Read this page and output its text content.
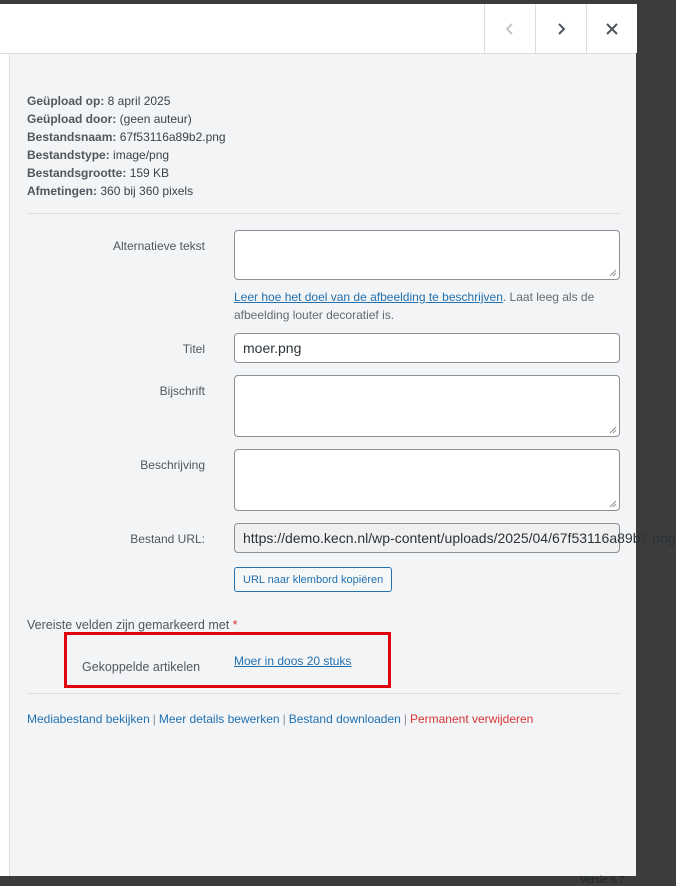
Geüpload op: 8 april 2025
Geüpload door: (geen auteur)
Bestandsnaam: 67f53116a89b2.png
Bestandstype: image/png
Bestandsgrootte: 159 KB
Afmetingen: 360 bij 360 pixels
Alternatieve tekst
Leer hoe het doel van de afbeelding te beschrijven. Laat leeg als de afbeelding louter decoratief is.
Titel	moer.png
Bijschrift
Beschrijving
Bestand URL:	https://demo.kecn.nl/wp-content/uploads/2025/04/67f53116a89b2.png
URL naar klembord kopiëren
Vereiste velden zijn gemarkeerd met *
Gekoppelde artikelen	Moer in doos 20 stuks
Mediabestand bekijken | Meer details bewerken | Bestand downloaden | Permanent verwijderen
Versie 6.7
